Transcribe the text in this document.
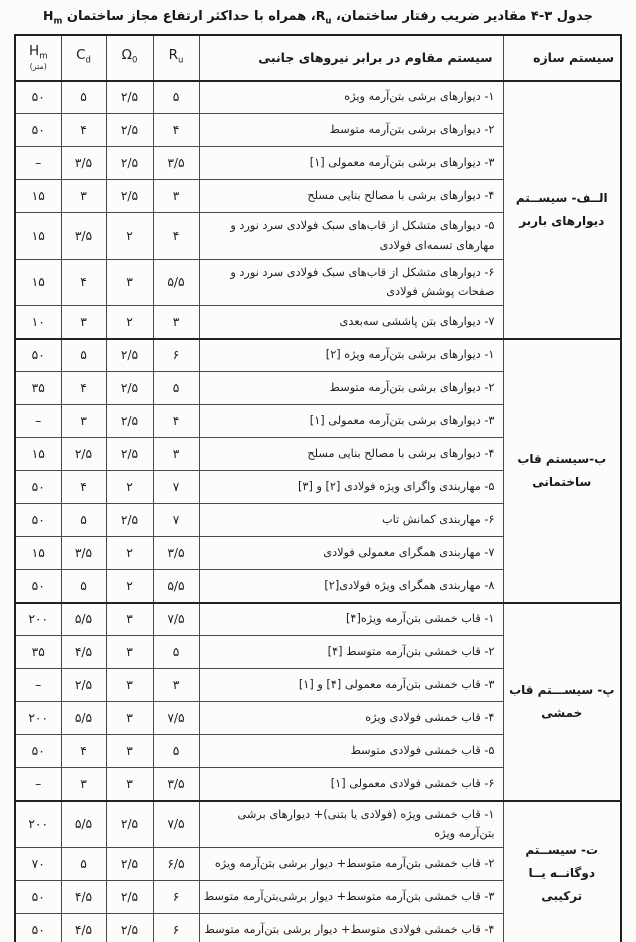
جدول ۳-۴ مقادیر ضریب رفتار ساختمان، $R_u،$ همراه با حداکثر ارتفاع مجاز ساختمان $H_m$
سیستم سازه	سیستم مقاوم در برابر نیروهای جانبی	$R_u$	$\Omega_0$	$C_d$	$H_m$
(متر)

الــف- سیســتم دیوارهای باربر	۱- دیوارهای برشی بتن‌آرمه ویژه	۵	۲/۵	۵	۵۰
	۲- دیوارهای برشی بتن‌آرمه متوسط	۴	۲/۵	۴	۵۰
	۳- دیوارهای برشی بتن‌آرمه معمولی [۱]	۳/۵	۲/۵	۳/۵	–
	۴- دیوارهای برشی با مصالح بنایی مسلح	۳	۲/۵	۳	۱۵
	۵- دیوارهای متشکل از قاب‌های سبک فولادی سرد نورد و مهارهای تسمه‌ای فولادی	۴	۲	۳/۵	۱۵
	۶- دیوارهای متشکل از قاب‌های سبک فولادی سرد نورد و صفحات پوشش فولادی	۵/۵	۳	۴	۱۵
	۷- دیوارهای بتن پاششی سه‌بعدی	۳	۲	۳	۱۰
ب-سیستم قاب ساختمانی	۱- دیوارهای برشی بتن‌آرمه ویژه [۲]	۶	۲/۵	۵	۵۰
	۲- دیوارهای برشی بتن‌آرمه متوسط	۵	۲/۵	۴	۳۵
	۳- دیوارهای برشی بتن‌آرمه معمولی [۱]	۴	۲/۵	۳	–
	۴- دیوارهای برشی با مصالح بنایی مسلح	۳	۲/۵	۲/۵	۱۵
	۵- مهاربندی واگرای ویژه فولادی [۲] و [۳]	۷	۲	۴	۵۰
	۶- مهاربندی کمانش تاب	۷	۲/۵	۵	۵۰
	۷- مهاربندی همگرای معمولی فولادی	۳/۵	۲	۳/۵	۱۵
	۸- مهاربندی همگرای ویژه فولادی[۲]	۵/۵	۲	۵	۵۰
پ- سیســـتم قاب خمشی	۱- قاب خمشی بتن‌آرمه ویژه[۴]	۷/۵	۳	۵/۵	۲۰۰
	۲- قاب خمشی بتن‌آرمه متوسط [۴]	۵	۳	۴/۵	۳۵
	۳- قاب خمشی بتن‌آرمه معمولی [۴] و [۱]	۳	۳	۲/۵	–
	۴- قاب خمشی فولادی ویژه	۷/۵	۳	۵/۵	۲۰۰
	۵- قاب خمشی فولادی متوسط	۵	۳	۴	۵۰
	۶- قاب خمشی فولادی معمولی [۱]	۳/۵	۳	۳	–
ت- سیســتم دوگانــه یــا ترکیبی	۱- قاب خمشی ویژه (فولادی یا بتنی)+ دیوارهای برشی بتن‌آرمه ویژه	۷/۵	۲/۵	۵/۵	۲۰۰
	۲- قاب خمشی بتن‌آرمه متوسط+ دیوار برشی بتن‌آرمه ویژه	۶/۵	۲/۵	۵	۷۰
	۳- قاب خمشی بتن‌آرمه متوسط+ دیوار برشی‌بتن‌آرمه متوسط	۶	۲/۵	۴/۵	۵۰
	۴- قاب خمشی فولادی متوسط+ دیوار برشی بتن‌آرمه متوسط	۶	۲/۵	۴/۵	۵۰
